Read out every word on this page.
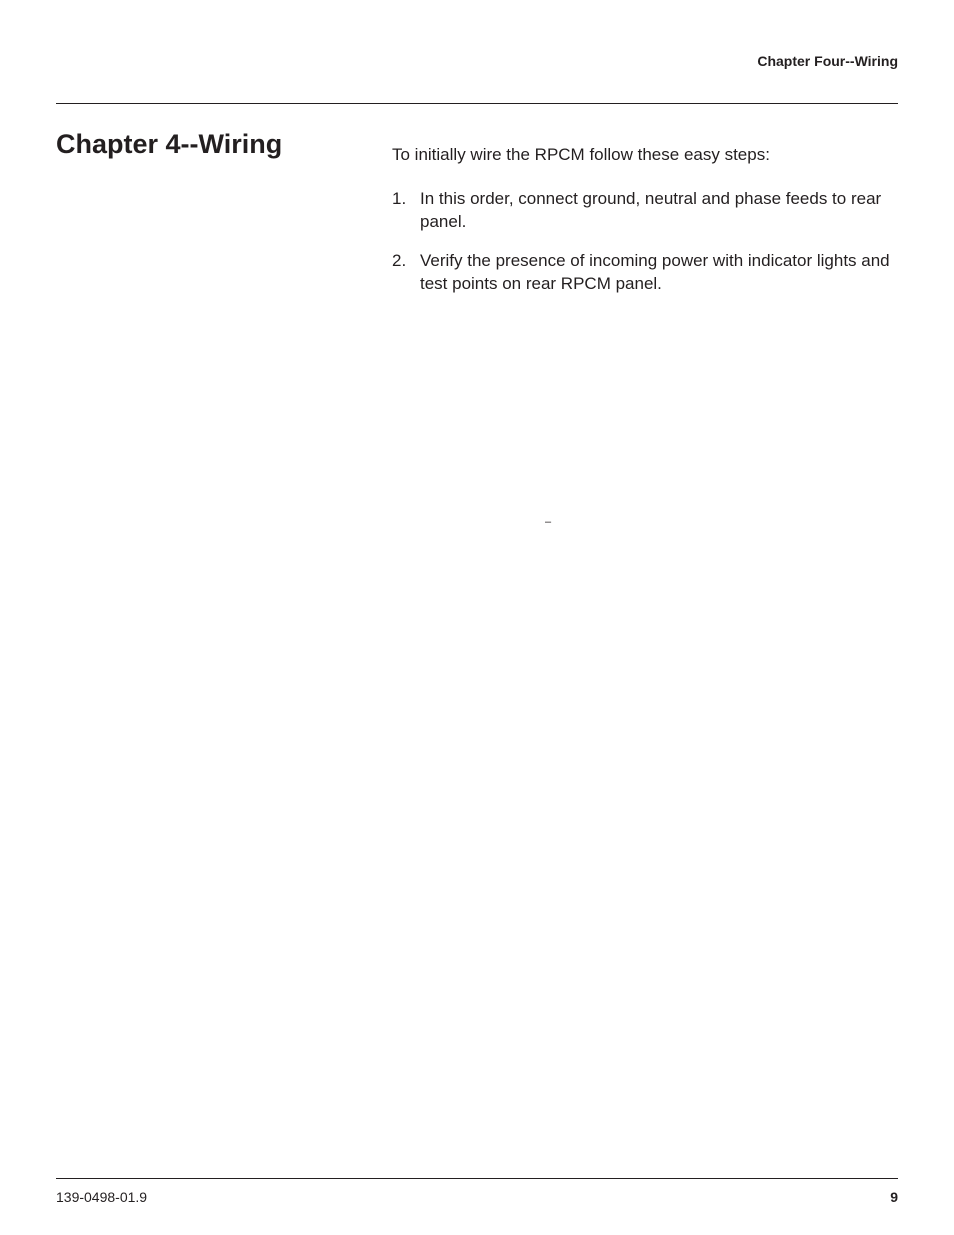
Chapter Four--Wiring
Chapter 4--Wiring	To initially wire the RPCM follow these easy steps:

1. In this order, connect ground, neutral and phase feeds to rear panel.
2. Verify the presence of incoming power with indicator lights and test points on rear RPCM panel.
–
139-0498-01.9	9
